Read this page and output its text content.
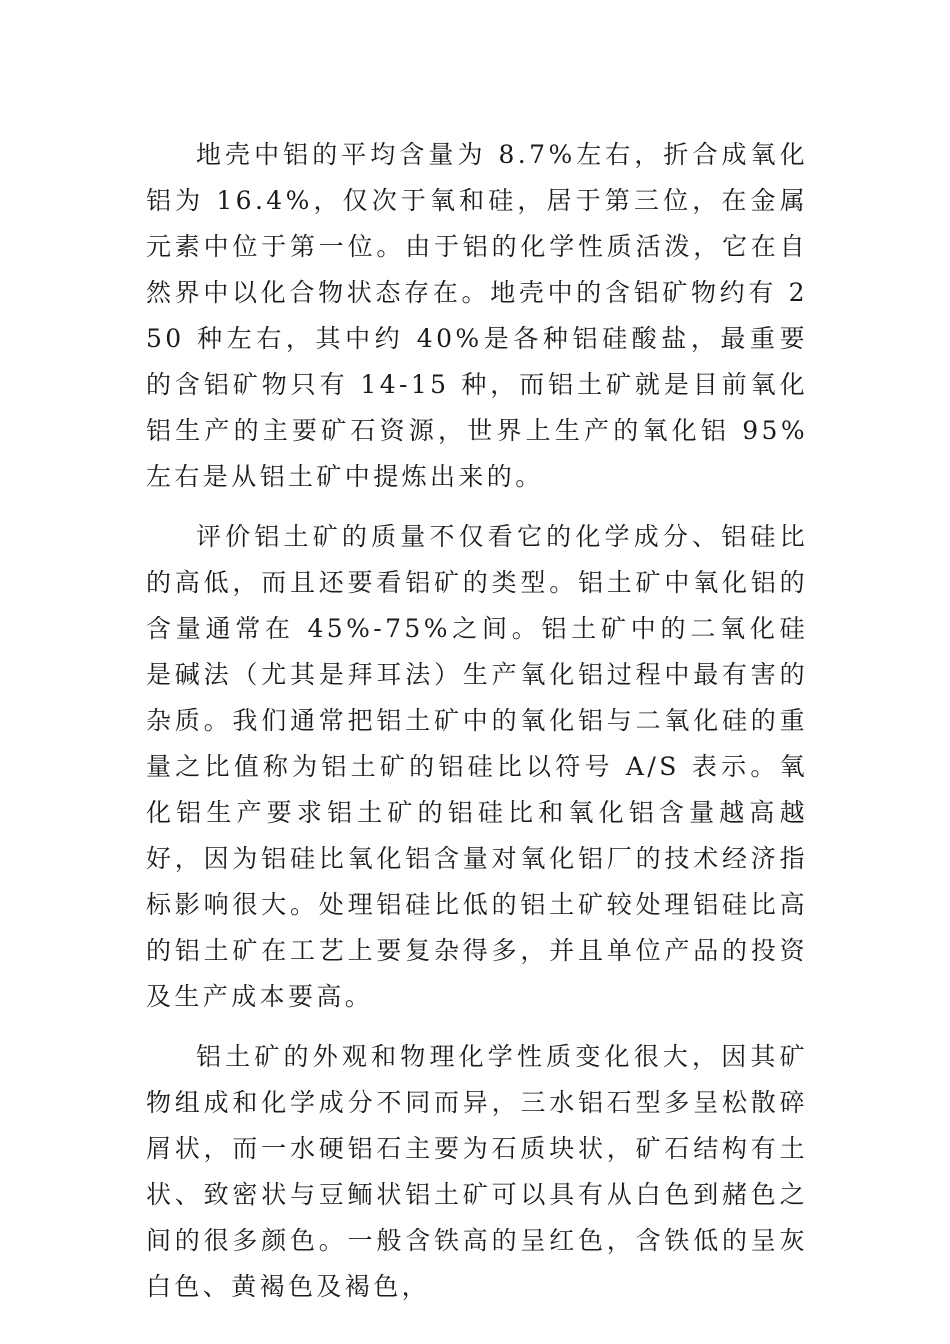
地壳中铝的平均含量为 8.7%左右，折合成氧化铝为 16.4%，仅次于氧和硅，居于第三位，在金属元素中位于第一位。由于铝的化学性质活泼，它在自然界中以化合物状态存在。地壳中的含铝矿物约有 250 种左右，其中约 40%是各种铝硅酸盐，最重要的含铝矿物只有 14-15 种，而铝土矿就是目前氧化铝生产的主要矿石资源，世界上生产的氧化铝 95%左右是从铝土矿中提炼出来的。

评价铝土矿的质量不仅看它的化学成分、铝硅比的高低，而且还要看铝矿的类型。铝土矿中氧化铝的含量通常在 45%-75%之间。铝土矿中的二氧化硅是碱法（尤其是拜耳法）生产氧化铝过程中最有害的杂质。我们通常把铝土矿中的氧化铝与二氧化硅的重量之比值称为铝土矿的铝硅比以符号 A/S 表示。氧化铝生产要求铝土矿的铝硅比和氧化铝含量越高越好，因为铝硅比氧化铝含量对氧化铝厂的技术经济指标影响很大。处理铝硅比低的铝土矿较处理铝硅比高的铝土矿在工艺上要复杂得多，并且单位产品的投资及生产成本要高。

铝土矿的外观和物理化学性质变化很大，因其矿物组成和化学成分不同而异，三水铝石型多呈松散碎屑状，而一水硬铝石主要为石质块状，矿石结构有土状、致密状与豆鲕状铝土矿可以具有从白色到赭色之间的很多颜色。一般含铁高的呈红色，含铁低的呈灰白色、黄褐色及褐色，
